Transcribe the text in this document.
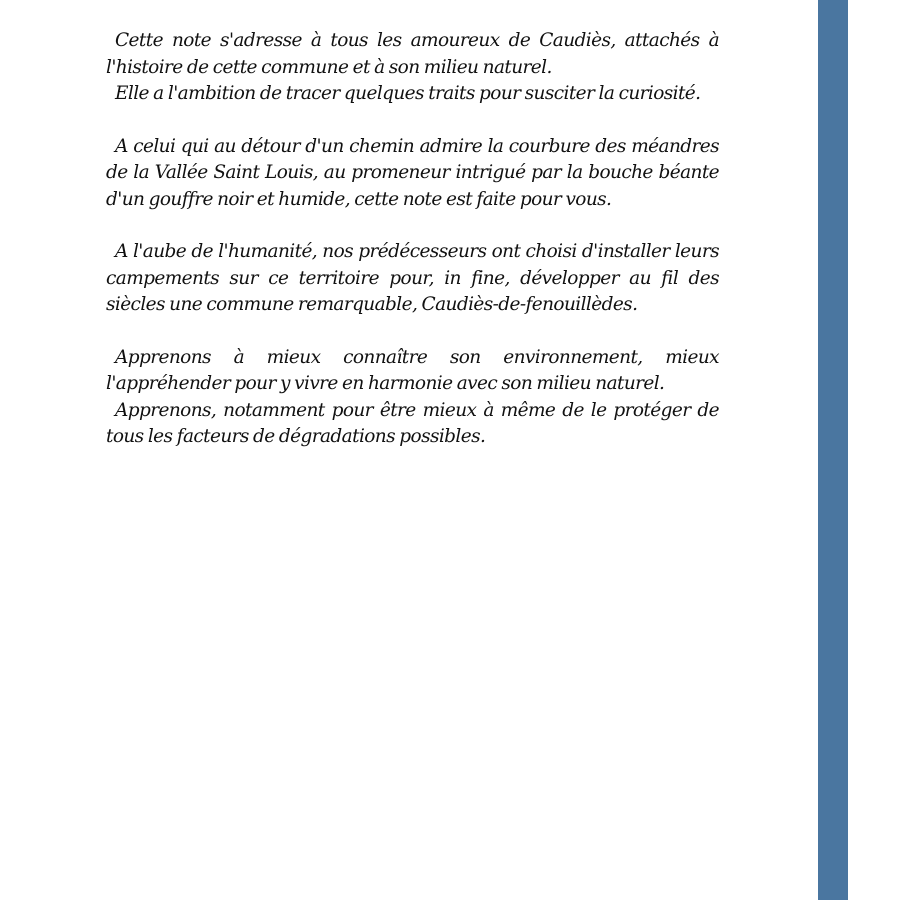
Cette note s'adresse à tous les amoureux de Caudiès, attachés à l'histoire de cette commune et à son milieu naturel.

Elle a l'ambition de tracer quelques traits pour susciter la curiosité.

A celui qui au détour d'un chemin admire la courbure des méandres de la Vallée Saint Louis, au promeneur intrigué par la bouche béante d'un gouffre noir et humide, cette note est faite pour vous.

A l'aube de l'humanité, nos prédécesseurs ont choisi d'installer leurs campements sur ce territoire pour, in fine, développer au fil des siècles une commune remarquable, Caudiès-de-fenouillèdes.

Apprenons à mieux connaître son environnement, mieux l'appréhender pour y vivre en harmonie avec son milieu naturel.

Apprenons, notamment pour être mieux à même de le protéger de tous les facteurs de dégradations possibles.
